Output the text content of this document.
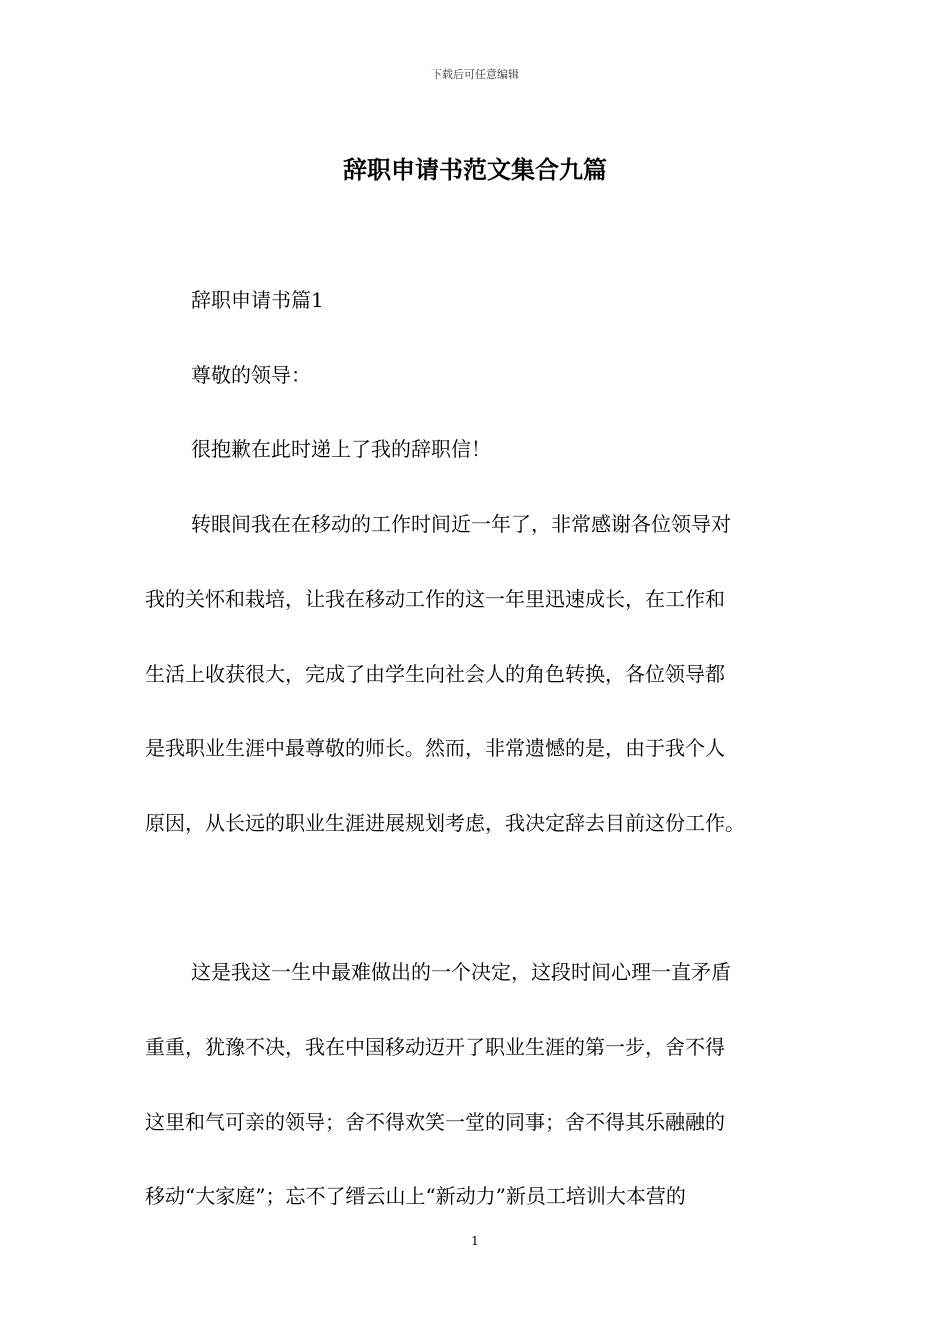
下载后可任意编辑
辞职申请书范文集合九篇
辞职申请书篇1
尊敬的领导：
很抱歉在此时递上了我的辞职信！
转眼间我在在移动的工作时间近一年了，非常感谢各位领导对
我的关怀和栽培，让我在移动工作的这一年里迅速成长，在工作和
生活上收获很大，完成了由学生向社会人的角色转换，各位领导都
是我职业生涯中最尊敬的师长。然而，非常遗憾的是，由于我个人
原因，从长远的职业生涯进展规划考虑，我决定辞去目前这份工作。
这是我这一生中最难做出的一个决定，这段时间心理一直矛盾
重重，犹豫不决，我在中国移动迈开了职业生涯的第一步，舍不得
这里和气可亲的领导；舍不得欢笑一堂的同事；舍不得其乐融融的
移动“大家庭”；忘不了缙云山上“新动力”新员工培训大本营的
1
